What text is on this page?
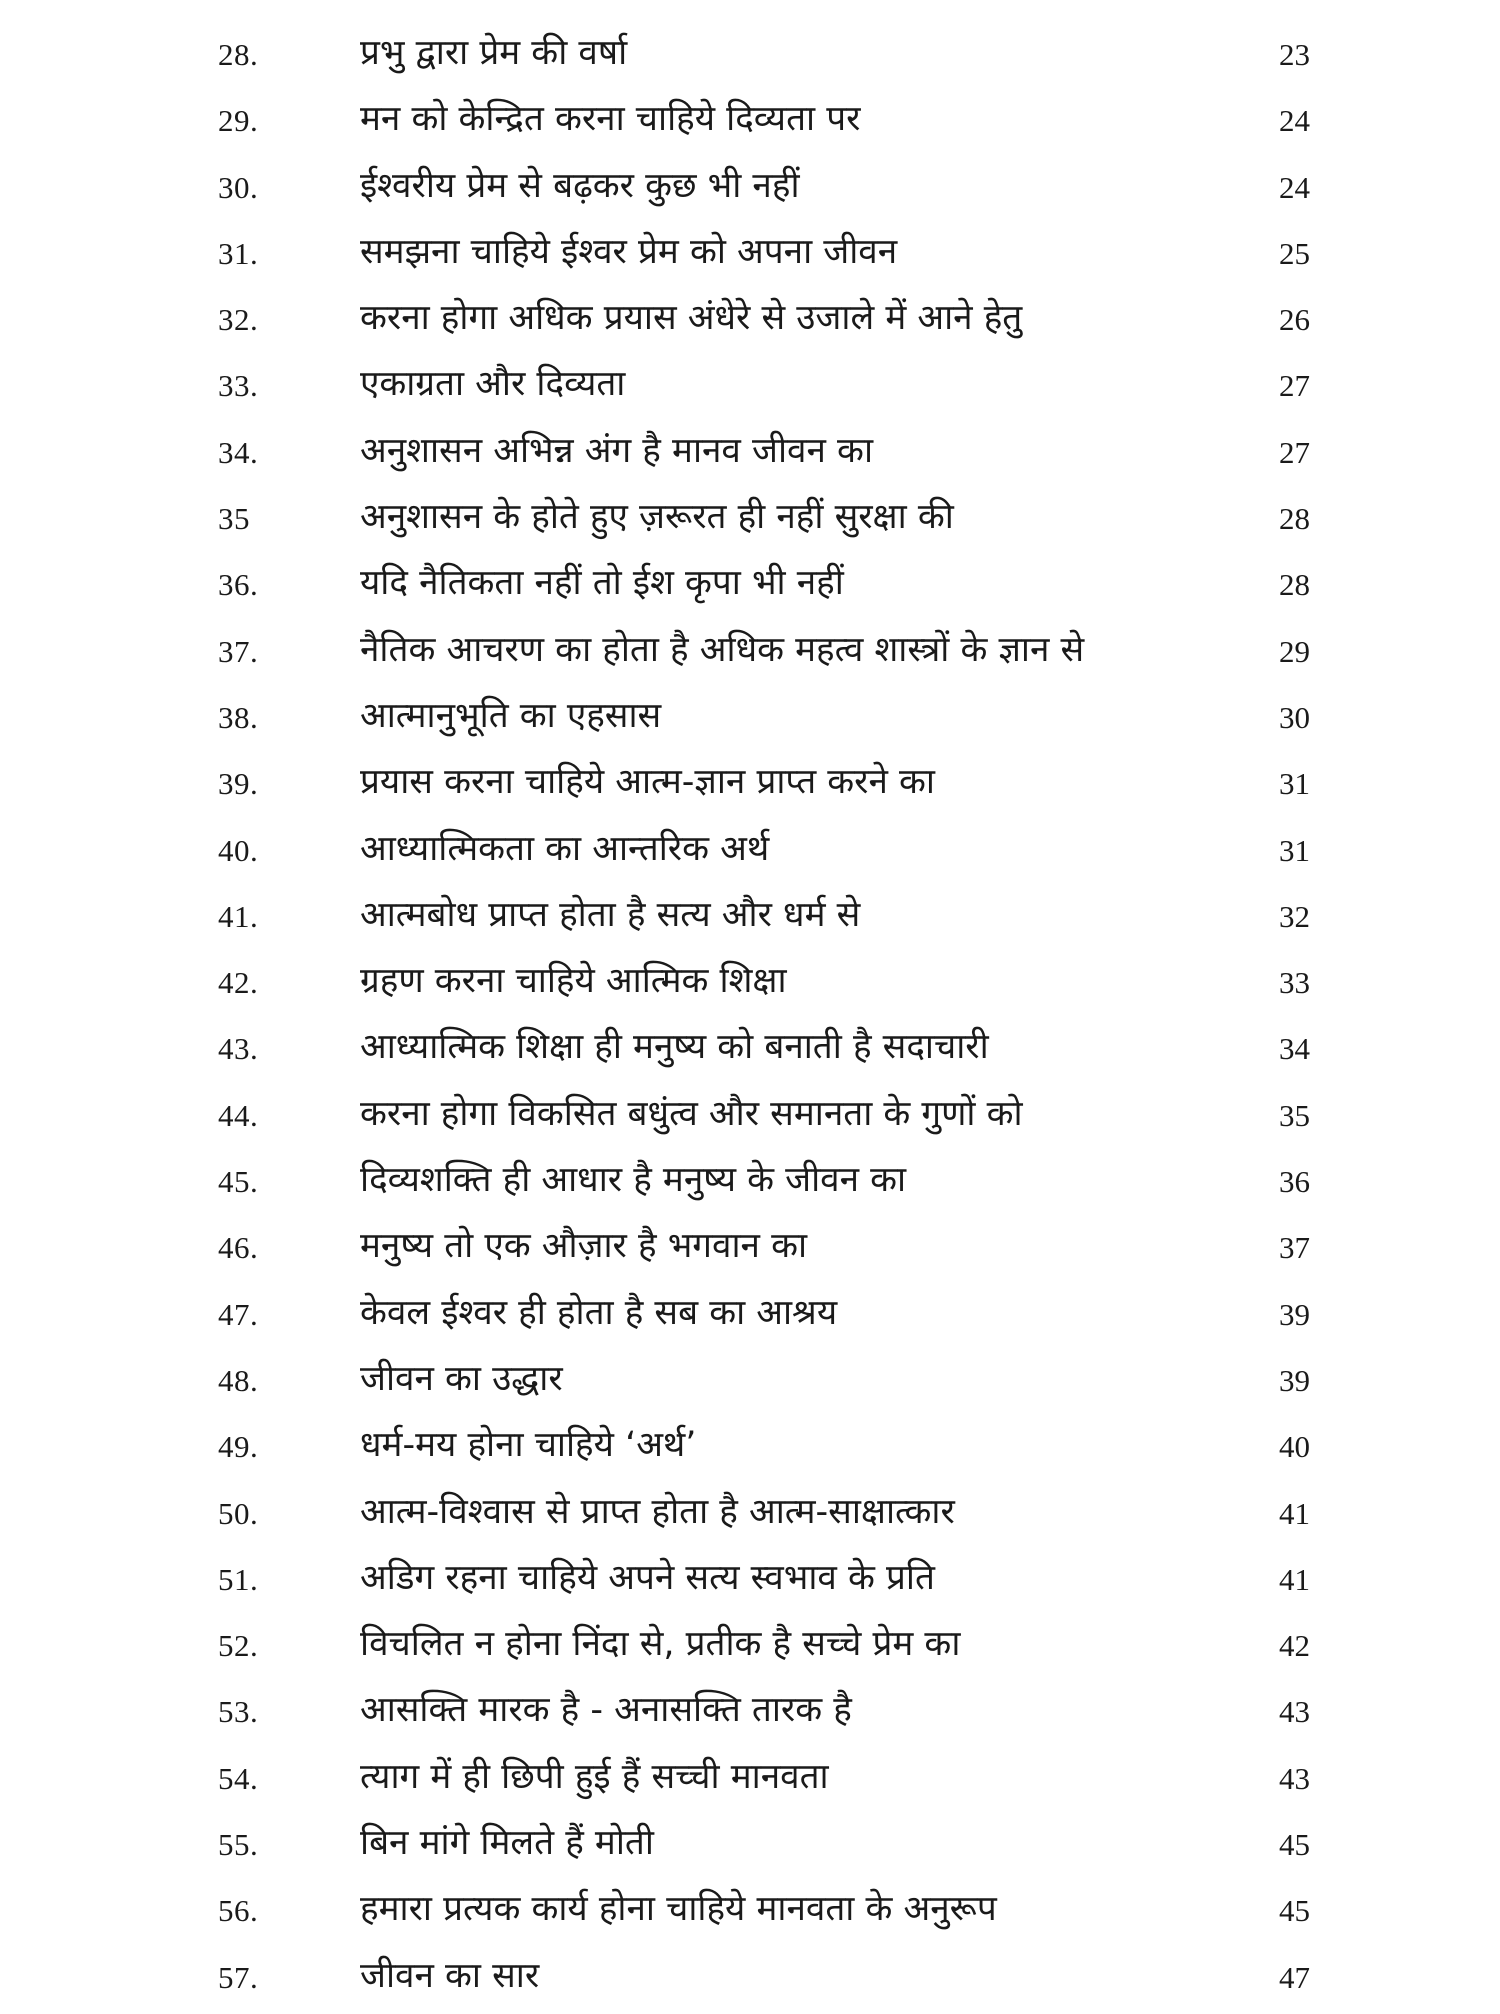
28.	प्रभु द्वारा प्रेम की वर्षा	23
29.	मन को केन्द्रित करना चाहिये दिव्यता पर	24
30.	ईश्वरीय प्रेम से बढ़कर कुछ भी नहीं	24
31.	समझना चाहिये ईश्वर प्रेम को अपना जीवन	25
32.	करना होगा अधिक प्रयास अंधेरे से उजाले में आने हेतु	26
33.	एकाग्रता और दिव्यता	27
34.	अनुशासन अभिन्न अंग है मानव जीवन का	27
35	अनुशासन के होते हुए ज़रूरत ही नहीं सुरक्षा की	28
36.	यदि नैतिकता नहीं तो ईश कृपा भी नहीं	28
37.	नैतिक आचरण का होता है अधिक महत्व शास्त्रों के ज्ञान से	29
38.	आत्मानुभूति का एहसास	30
39.	प्रयास करना चाहिये आत्म-ज्ञान प्राप्त करने का	31
40.	आध्यात्मिकता का आन्तरिक अर्थ	31
41.	आत्मबोध प्राप्त होता है सत्य और धर्म से	32
42.	ग्रहण करना चाहिये आत्मिक शिक्षा	33
43.	आध्यात्मिक शिक्षा ही मनुष्य को बनाती है सदाचारी	34
44.	करना होगा विकसित बधुंत्व और समानता के गुणों को	35
45.	दिव्यशक्ति ही आधार है मनुष्य के जीवन का	36
46.	मनुष्य तो एक औज़ार है भगवान का	37
47.	केवल ईश्वर ही होता है सब का आश्रय	39
48.	जीवन का उद्धार	39
49.	धर्म-मय होना चाहिये ‘अर्थ’	40
50.	आत्म-विश्वास से प्राप्त होता है आत्म-साक्षात्कार	41
51.	अडिग रहना चाहिये अपने सत्य स्वभाव के प्रति	41
52.	विचलित न होना निंदा से, प्रतीक है सच्चे प्रेम का	42
53.	आसक्ति मारक है - अनासक्ति तारक है	43
54.	त्याग में ही छिपी हुई हैं सच्ची मानवता	43
55.	बिन मांगे मिलते हैं मोती	45
56.	हमारा प्रत्यक कार्य होना चाहिये मानवता के अनुरूप	45
57.	जीवन का सार	47
